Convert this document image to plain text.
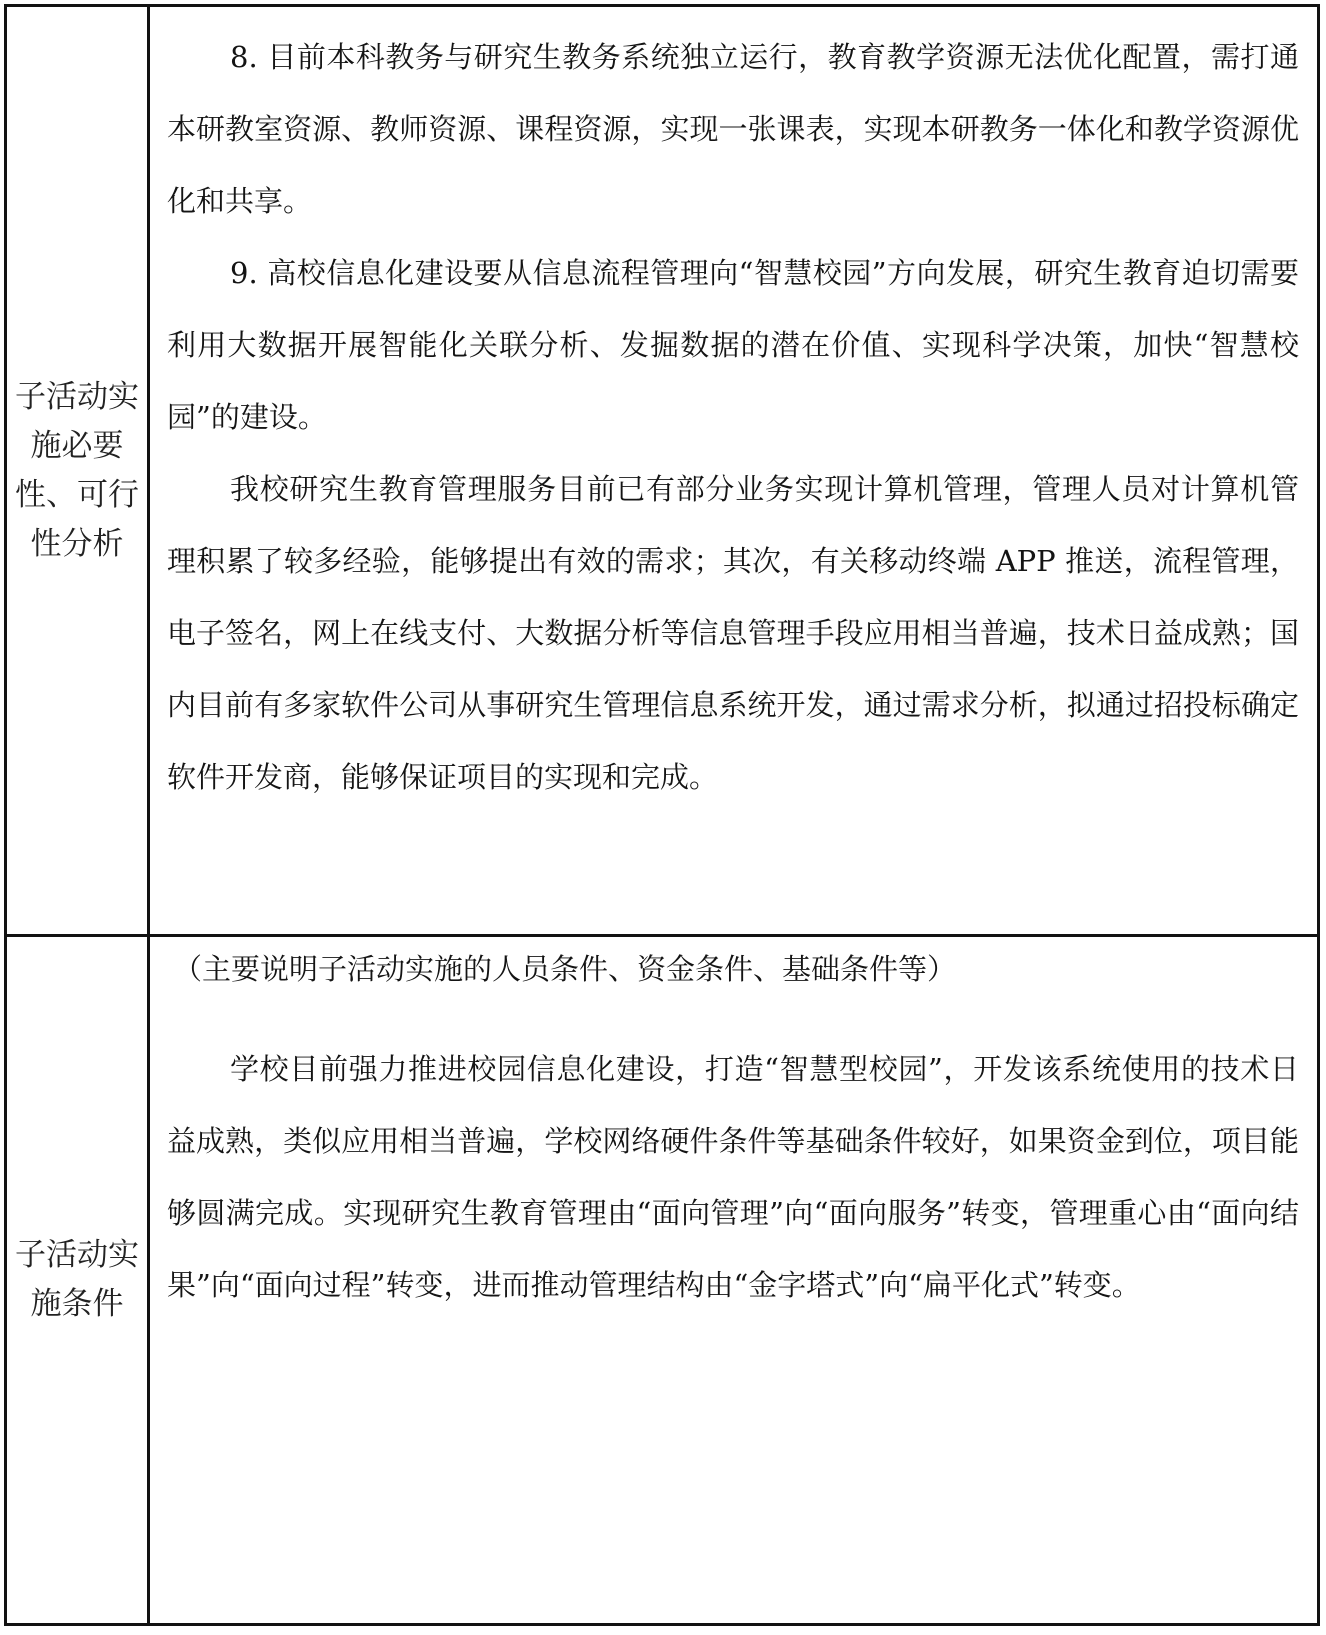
子活动实施必要性、可行性分析	8. 目前本科教务与研究生教务系统独立运行，教育教学资源无法优化配置，需打通本研教室资源、教师资源、课程资源，实现一张课表，实现本研教务一体化和教学资源优化和共享。

9. 高校信息化建设要从信息流程管理向“智慧校园”方向发展，研究生教育迫切需要利用大数据开展智能化关联分析、发掘数据的潜在价值、实现科学决策，加快“智慧校园”的建设。

我校研究生教育管理服务目前已有部分业务实现计算机管理，管理人员对计算机管理积累了较多经验，能够提出有效的需求；其次，有关移动终端 APP 推送，流程管理，电子签名，网上在线支付、大数据分析等信息管理手段应用相当普遍，技术日益成熟；国内目前有多家软件公司从事研究生管理信息系统开发，通过需求分析，拟通过招投标确定软件开发商，能够保证项目的实现和完成。

子活动实施条件	（主要说明子活动实施的人员条件、资金条件、基础条件等）

学校目前强力推进校园信息化建设，打造“智慧型校园”，开发该系统使用的技术日益成熟，类似应用相当普遍，学校网络硬件条件等基础条件较好，如果资金到位，项目能够圆满完成。实现研究生教育管理由“面向管理”向“面向服务”转变，管理重心由“面向结果”向“面向过程”转变，进而推动管理结构由“金字塔式”向“扁平化式”转变。
